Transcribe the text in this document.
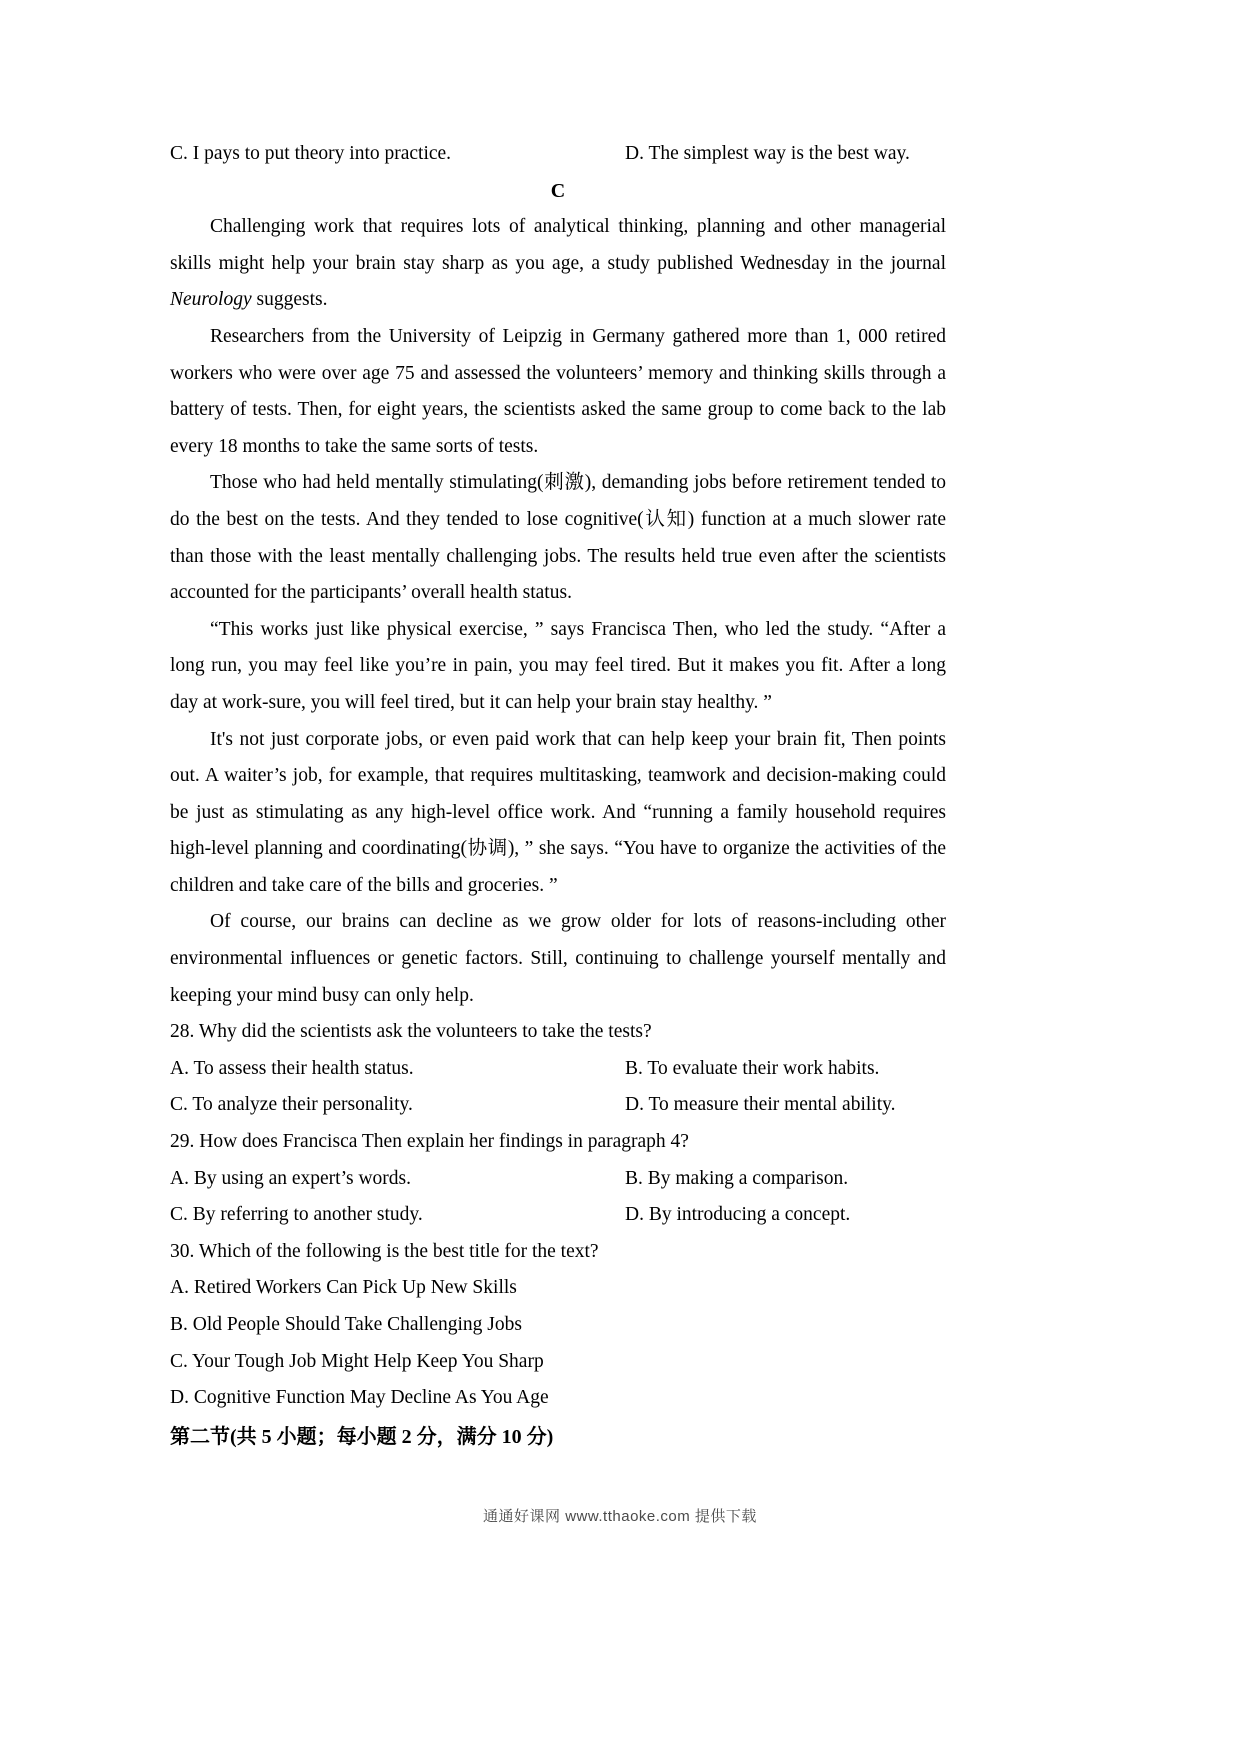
C. I pays to put theory into practice.	D. The simplest way is the best way.
C

Challenging work that requires lots of analytical thinking, planning and other managerial skills might help your brain stay sharp as you age, a study published Wednesday in the journal Neurology suggests.

Researchers from the University of Leipzig in Germany gathered more than 1, 000 retired workers who were over age 75 and assessed the volunteers’ memory and thinking skills through a battery of tests. Then, for eight years, the scientists asked the same group to come back to the lab every 18 months to take the same sorts of tests.

Those who had held mentally stimulating(刺激), demanding jobs before retirement tended to do the best on the tests. And they tended to lose cognitive(认知) function at a much slower rate than those with the least mentally challenging jobs. The results held true even after the scientists accounted for the participants’ overall health status.

“This works just like physical exercise, ” says Francisca Then, who led the study. “After a long run, you may feel like you’re in pain, you may feel tired. But it makes you fit. After a long day at work-sure, you will feel tired, but it can help your brain stay healthy. ”

It's not just corporate jobs, or even paid work that can help keep your brain fit, Then points out. A waiter’s job, for example, that requires multitasking, teamwork and decision-making could be just as stimulating as any high-level office work. And “running a family household requires high-level planning and coordinating(协调), ” she says. “You have to organize the activities of the children and take care of the bills and groceries. ”

Of course, our brains can decline as we grow older for lots of reasons-including other environmental influences or genetic factors. Still, continuing to challenge yourself mentally and keeping your mind busy can only help.

28. Why did the scientists ask the volunteers to take the tests?
A. To assess their health status.	B. To evaluate their work habits.
C. To analyze their personality.	D. To measure their mental ability.
29. How does Francisca Then explain her findings in paragraph 4?
A. By using an expert’s words.	B. By making a comparison.
C. By referring to another study.	D. By introducing a concept.
30. Which of the following is the best title for the text?
A. Retired Workers Can Pick Up New Skills
B. Old People Should Take Challenging Jobs
C. Your Tough Job Might Help Keep You Sharp
D. Cognitive Function May Decline As You Age
第二节(共 5 小题；每小题 2 分，满分 10 分)
通通好课网 www.tthaoke.com 提供下载
